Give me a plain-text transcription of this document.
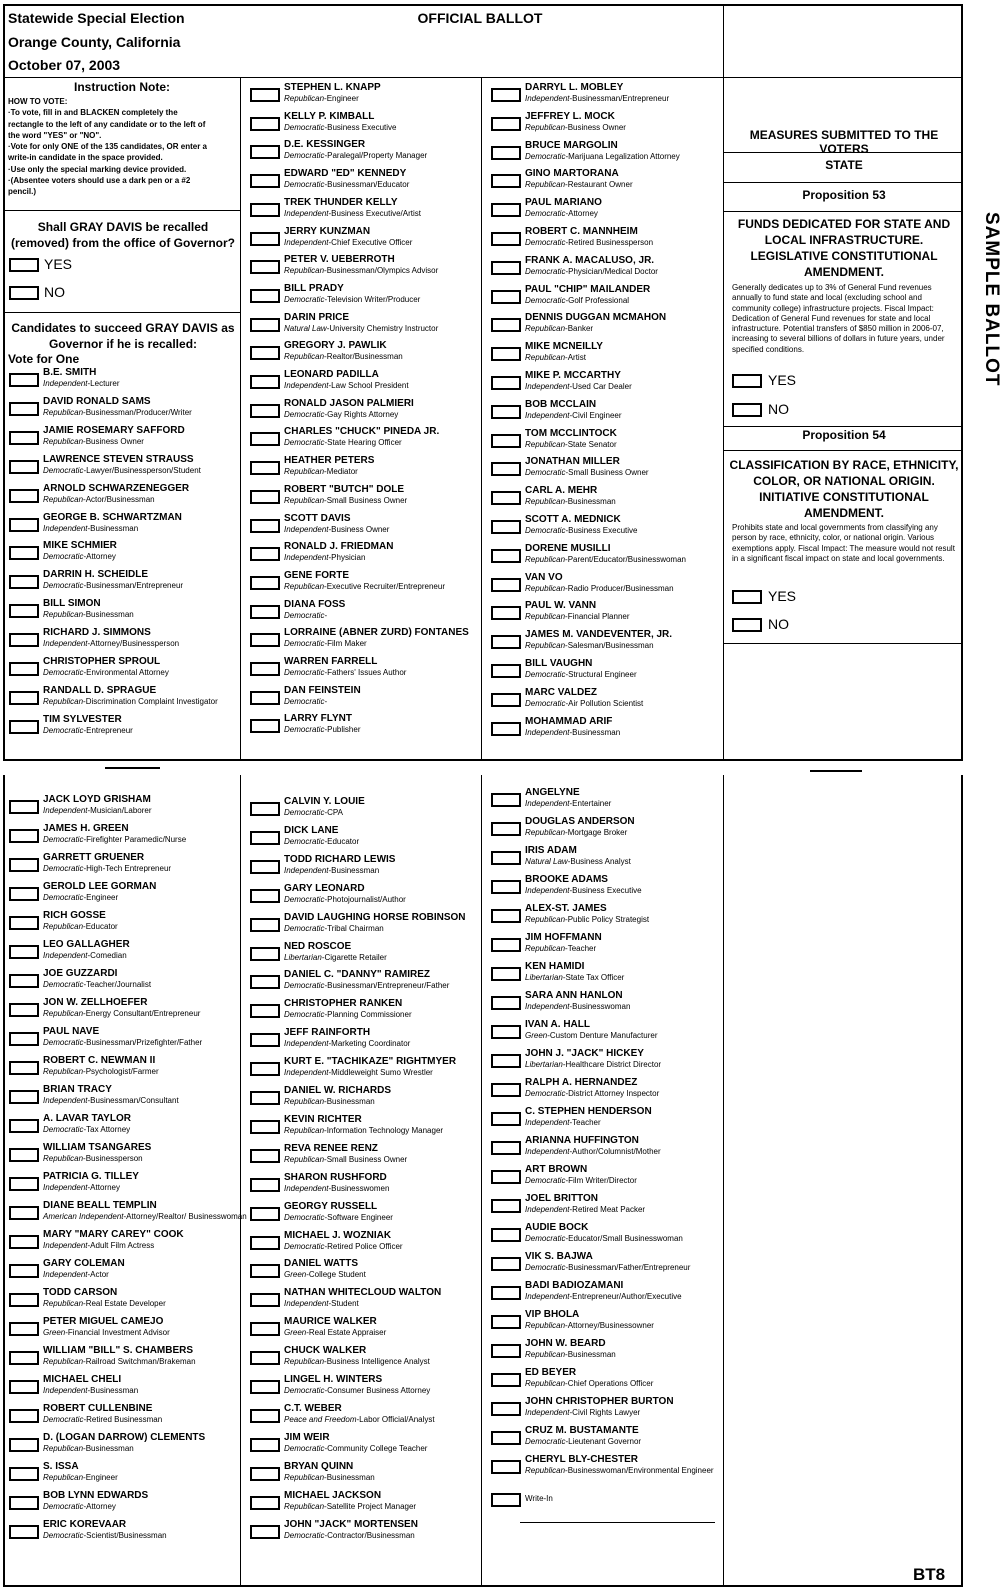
Statewide Special Election
Orange County, California
October 07, 2003
OFFICIAL BALLOT
SAMPLE BALLOT
BT8
Instruction Note:
HOW TO VOTE:
·To vote, fill in and BLACKEN completely the
rectangle to the left of any candidate or to the left of
the word "YES" or "NO".
·Vote for only ONE of the 135 candidates, OR enter a
write-in candidate in the space provided.
·Use only the special marking device provided.
·(Absentee voters should use a dark pen or a #2
pencil.)
Shall GRAY DAVIS be recalled (removed) from the office of Governor?
YES
NO
Candidates to succeed GRAY DAVIS as Governor if he is recalled:
Vote for One
MEASURES SUBMITTED TO THE VOTERS
STATE
Proposition 53
FUNDS DEDICATED FOR STATE AND LOCAL INFRASTRUCTURE. LEGISLATIVE CONSTITUTIONAL AMENDMENT.
Generally dedicates up to 3% of General Fund revenues annually to fund state and local (excluding school and community college) infrastructure projects. Fiscal Impact: Dedication of General Fund revenues for state and local infrastructure. Potential transfers of $850 million in 2006-07, increasing to several billions of dollars in future years, under specified conditions.
YES
NO
Proposition 54
CLASSIFICATION BY RACE, ETHNICITY, COLOR, OR NATIONAL ORIGIN. INITIATIVE CONSTITUTIONAL AMENDMENT.
Prohibits state and local governments from classifying any person by race, ethnicity, color, or national origin. Various exemptions apply. Fiscal Impact: The measure would not result in a significant fiscal impact on state and local governments.
YES
NO
B.E. SMITH
Independent-Lecturer
DAVID RONALD SAMS
Republican-Businessman/Producer/Writer
JAMIE ROSEMARY SAFFORD
Republican-Business Owner
LAWRENCE STEVEN STRAUSS
Democratic-Lawyer/Businessperson/Student
ARNOLD SCHWARZENEGGER
Republican-Actor/Businessman
GEORGE B. SCHWARTZMAN
Independent-Businessman
MIKE SCHMIER
Democratic-Attorney
DARRIN H. SCHEIDLE
Democratic-Businessman/Entrepreneur
BILL SIMON
Republican-Businessman
RICHARD J. SIMMONS
Independent-Attorney/Businessperson
CHRISTOPHER SPROUL
Democratic-Environmental Attorney
RANDALL D. SPRAGUE
Republican-Discrimination Complaint Investigator
TIM SYLVESTER
Democratic-Entrepreneur
STEPHEN L. KNAPP
Republican-Engineer
KELLY P. KIMBALL
Democratic-Business Executive
D.E. KESSINGER
Democratic-Paralegal/Property Manager
EDWARD "ED" KENNEDY
Democratic-Businessman/Educator
TREK THUNDER KELLY
Independent-Business Executive/Artist
JERRY KUNZMAN
Independent-Chief Executive Officer
PETER V. UEBERROTH
Republican-Businessman/Olympics Advisor
BILL PRADY
Democratic-Television Writer/Producer
DARIN PRICE
Natural Law-University Chemistry Instructor
GREGORY J. PAWLIK
Republican-Realtor/Businessman
LEONARD PADILLA
Independent-Law School President
RONALD JASON PALMIERI
Democratic-Gay Rights Attorney
CHARLES "CHUCK" PINEDA JR.
Democratic-State Hearing Officer
HEATHER PETERS
Republican-Mediator
ROBERT "BUTCH" DOLE
Republican-Small Business Owner
SCOTT DAVIS
Independent-Business Owner
RONALD J. FRIEDMAN
Independent-Physician
GENE FORTE
Republican-Executive Recruiter/Entrepreneur
DIANA FOSS
Democratic-
LORRAINE (ABNER ZURD) FONTANES
Democratic-Film Maker
WARREN FARRELL
Democratic-Fathers' Issues Author
DAN FEINSTEIN
Democratic-
LARRY FLYNT
Democratic-Publisher
DARRYL L. MOBLEY
Independent-Businessman/Entrepreneur
JEFFREY L. MOCK
Republican-Business Owner
BRUCE MARGOLIN
Democratic-Marijuana Legalization Attorney
GINO MARTORANA
Republican-Restaurant Owner
PAUL MARIANO
Democratic-Attorney
ROBERT C. MANNHEIM
Democratic-Retired Businessperson
FRANK A. MACALUSO, JR.
Democratic-Physician/Medical Doctor
PAUL "CHIP" MAILANDER
Democratic-Golf Professional
DENNIS DUGGAN MCMAHON
Republican-Banker
MIKE MCNEILLY
Republican-Artist
MIKE P. MCCARTHY
Independent-Used Car Dealer
BOB MCCLAIN
Independent-Civil Engineer
TOM MCCLINTOCK
Republican-State Senator
JONATHAN MILLER
Democratic-Small Business Owner
CARL A. MEHR
Republican-Businessman
SCOTT A. MEDNICK
Democratic-Business Executive
DORENE MUSILLI
Republican-Parent/Educator/Businesswoman
VAN VO
Republican-Radio Producer/Businessman
PAUL W. VANN
Republican-Financial Planner
JAMES M. VANDEVENTER, JR.
Republican-Salesman/Businessman
BILL VAUGHN
Democratic-Structural Engineer
MARC VALDEZ
Democratic-Air Pollution Scientist
MOHAMMAD ARIF
Independent-Businessman
JACK LOYD GRISHAM
Independent-Musician/Laborer
JAMES H. GREEN
Democratic-Firefighter Paramedic/Nurse
GARRETT GRUENER
Democratic-High-Tech Entrepreneur
GEROLD LEE GORMAN
Democratic-Engineer
RICH GOSSE
Republican-Educator
LEO GALLAGHER
Independent-Comedian
JOE GUZZARDI
Democratic-Teacher/Journalist
JON W. ZELLHOEFER
Republican-Energy Consultant/Entrepreneur
PAUL NAVE
Democratic-Businessman/Prizefighter/Father
ROBERT C. NEWMAN II
Republican-Psychologist/Farmer
BRIAN TRACY
Independent-Businessman/Consultant
A. LAVAR TAYLOR
Democratic-Tax Attorney
WILLIAM TSANGARES
Republican-Businessperson
PATRICIA G. TILLEY
Independent-Attorney
DIANE BEALL TEMPLIN
American Independent-Attorney/Realtor/ Businesswoman
MARY "MARY CAREY" COOK
Independent-Adult Film Actress
GARY COLEMAN
Independent-Actor
TODD CARSON
Republican-Real Estate Developer
PETER MIGUEL CAMEJO
Green-Financial Investment Advisor
WILLIAM "BILL" S. CHAMBERS
Republican-Railroad Switchman/Brakeman
MICHAEL CHELI
Independent-Businessman
ROBERT CULLENBINE
Democratic-Retired Businessman
D. (LOGAN DARROW) CLEMENTS
Republican-Businessman
S. ISSA
Republican-Engineer
BOB LYNN EDWARDS
Democratic-Attorney
ERIC KOREVAAR
Democratic-Scientist/Businessman
CALVIN Y. LOUIE
Democratic-CPA
DICK LANE
Democratic-Educator
TODD RICHARD LEWIS
Independent-Businessman
GARY LEONARD
Democratic-Photojournalist/Author
DAVID LAUGHING HORSE ROBINSON
Democratic-Tribal Chairman
NED ROSCOE
Libertarian-Cigarette Retailer
DANIEL C. "DANNY" RAMIREZ
Democratic-Businessman/Entrepreneur/Father
CHRISTOPHER RANKEN
Democratic-Planning Commissioner
JEFF RAINFORTH
Independent-Marketing Coordinator
KURT E. "TACHIKAZE" RIGHTMYER
Independent-Middleweight Sumo Wrestler
DANIEL W. RICHARDS
Republican-Businessman
KEVIN RICHTER
Republican-Information Technology Manager
REVA RENEE RENZ
Republican-Small Business Owner
SHARON RUSHFORD
Independent-Businesswomen
GEORGY RUSSELL
Democratic-Software Engineer
MICHAEL J. WOZNIAK
Democratic-Retired Police Officer
DANIEL WATTS
Green-College Student
NATHAN WHITECLOUD WALTON
Independent-Student
MAURICE WALKER
Green-Real Estate Appraiser
CHUCK WALKER
Republican-Business Intelligence Analyst
LINGEL H. WINTERS
Democratic-Consumer Business Attorney
C.T. WEBER
Peace and Freedom-Labor Official/Analyst
JIM WEIR
Democratic-Community College Teacher
BRYAN QUINN
Republican-Businessman
MICHAEL JACKSON
Republican-Satellite Project Manager
JOHN "JACK" MORTENSEN
Democratic-Contractor/Businessman
ANGELYNE
Independent-Entertainer
DOUGLAS ANDERSON
Republican-Mortgage Broker
IRIS ADAM
Natural Law-Business Analyst
BROOKE ADAMS
Independent-Business Executive
ALEX-ST. JAMES
Republican-Public Policy Strategist
JIM HOFFMANN
Republican-Teacher
KEN HAMIDI
Libertarian-State Tax Officer
SARA ANN HANLON
Independent-Businesswoman
IVAN A. HALL
Green-Custom Denture Manufacturer
JOHN J. "JACK" HICKEY
Libertarian-Healthcare District Director
RALPH A. HERNANDEZ
Democratic-District Attorney Inspector
C. STEPHEN HENDERSON
Independent-Teacher
ARIANNA HUFFINGTON
Independent-Author/Columnist/Mother
ART BROWN
Democratic-Film Writer/Director
JOEL BRITTON
Independent-Retired Meat Packer
AUDIE BOCK
Democratic-Educator/Small Businesswoman
VIK S. BAJWA
Democratic-Businessman/Father/Entrepreneur
BADI BADIOZAMANI
Independent-Entrepreneur/Author/Executive
VIP BHOLA
Republican-Attorney/Businessowner
JOHN W. BEARD
Republican-Businessman
ED BEYER
Republican-Chief Operations Officer
JOHN CHRISTOPHER BURTON
Independent-Civil Rights Lawyer
CRUZ M. BUSTAMANTE
Democratic-Lieutenant Governor
CHERYL BLY-CHESTER
Republican-Businesswoman/Environmental Engineer
Write-In
